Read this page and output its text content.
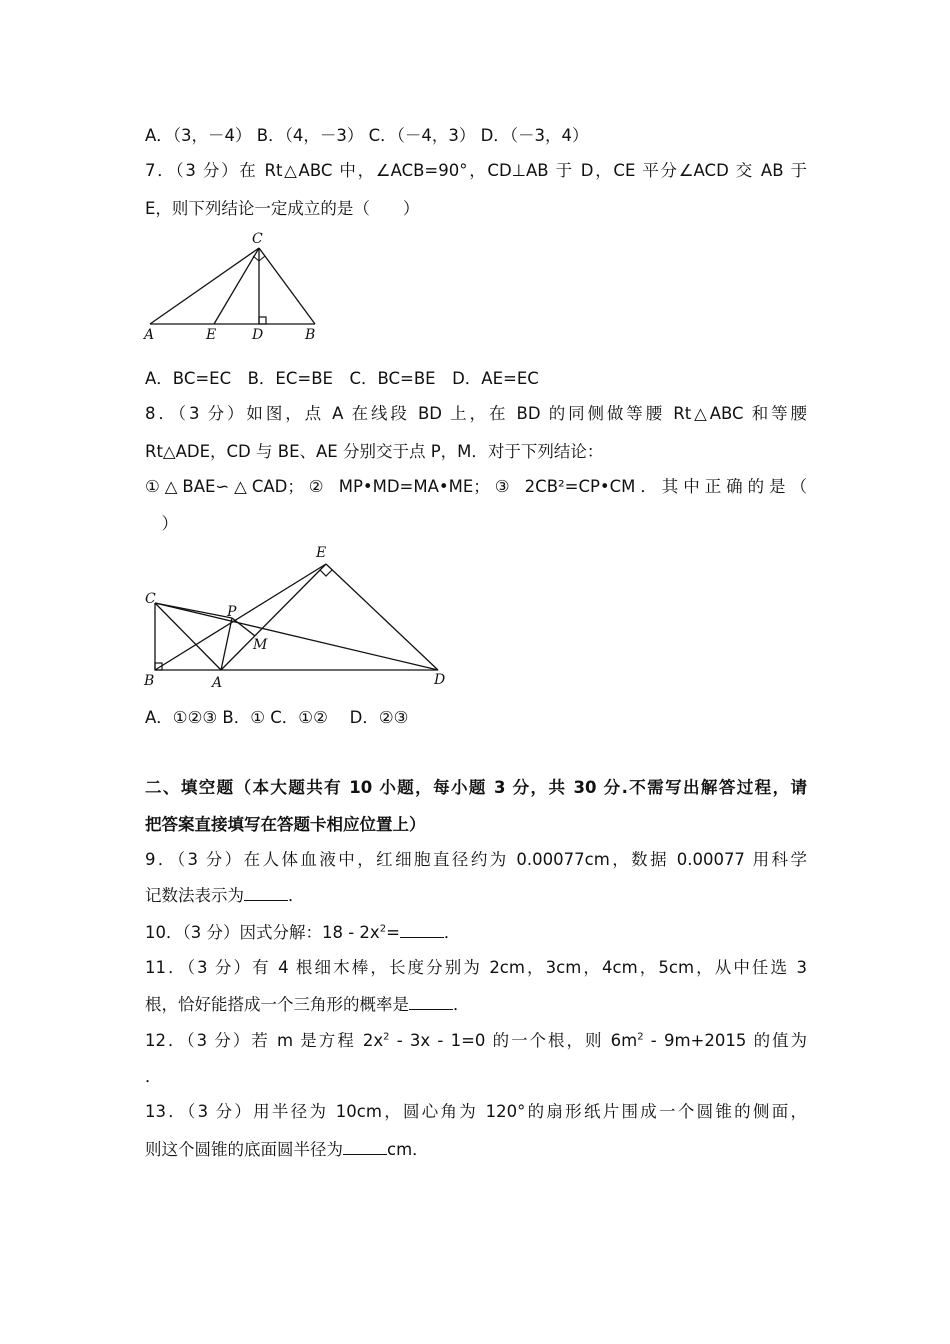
A．（3，－4） B．（4，－3） C．（－4，3） D．（－3，4）
7．（3 分）在 Rt△ABC 中，∠ACB=90°，CD⊥AB 于 D，CE 平分∠ACD 交 AB 于
E，则下列结论一定成立的是（　　）
C
A	E	D	B
A．BC=EC　B．EC=BE　C．BC=BE　D．AE=EC
8．（3 分）如图，点 A 在线段 BD 上，在 BD 的同侧做等腰 Rt△ABC 和等腰
Rt△ADE，CD 与 BE、AE 分别交于点 P，M．对于下列结论：
①△BAE∽△CAD；② MP•MD=MA•ME；③ 2CB²=CP•CM．其中正确的是（
　）
E
C
P
M
B	A	D
A．①②③ B．① C．①②　 D．②③
二、填空题（本大题共有 10 小题，每小题 3 分，共 30 分.不需写出解答过程，请
把答案直接填写在答题卡相应位置上）
9．（3 分）在人体血液中，红细胞直径约为 0.00077cm，数据 0.00077 用科学
记数法表示为	．
10．（3 分）因式分解：$18 - 2x^2=$	．
11．（3 分）有 4 根细木棒，长度分别为 2cm，3cm，4cm，5cm，从中任选 3
根，恰好能搭成一个三角形的概率是	．
12．（3 分）若 m 是方程 $2x^2 - 3x - 1=0$ 的一个根，则 $6m^2 - 9m+2015$ 的值为
．
13．（3 分）用半径为 10cm，圆心角为 120°的扇形纸片围成一个圆锥的侧面，
则这个圆锥的底面圆半径为	cm．
